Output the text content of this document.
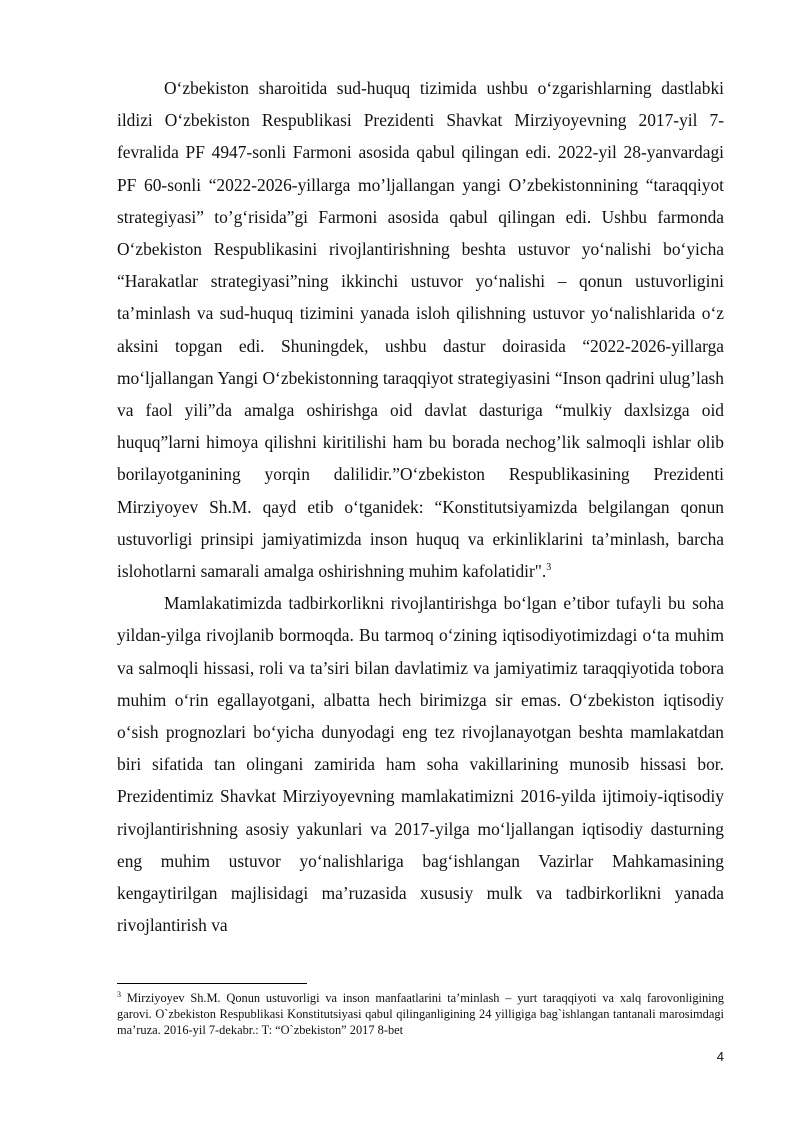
O‘zbekiston sharoitida sud-huquq tizimida ushbu o‘zgarishlarning dastlabki ildizi O‘zbekiston Respublikasi Prezidenti Shavkat Mirziyoyevning 2017-yil 7-fevralida PF 4947-sonli Farmoni asosida qabul qilingan edi. 2022-yil 28-yanvardagi PF 60-sonli “2022-2026-yillarga mo’ljallangan yangi O’zbekistonnining “taraqqiyot strategiyasi” to’g‘risida”gi Farmoni asosida qabul qilingan edi. Ushbu farmonda O‘zbekiston Respublikasini rivojlantirishning beshta ustuvor yo‘nalishi bo‘yicha “Harakatlar strategiyasi”ning ikkinchi ustuvor yo‘nalishi – qonun ustuvorligini ta’minlash va sud-huquq tizimini yanada isloh qilishning ustuvor yo‘nalishlarida o‘z aksini topgan edi. Shuningdek, ushbu dastur doirasida “2022-2026-yillarga mo‘ljallangan Yangi O‘zbekistonning taraqqiyot strategiyasini “Inson qadrini ulug’lash va faol yili”da amalga oshirishga oid davlat dasturiga “mulkiy daxlsizga oid huquq”larni himoya qilishni kiritilishi ham bu borada nechog’lik salmoqli ishlar olib borilayotganining yorqin dalilidir.”O‘zbekiston Respublikasining Prezidenti Mirziyoyev Sh.M. qayd etib o‘tganidek: “Konstitutsiyamizda belgilangan qonun ustuvorligi prinsipi jamiyatimizda inson huquq va erkinliklarini ta’minlash, barcha islohotlarni samarali amalga oshirishning muhim kafolatidir".$^3$

Mamlakatimizda tadbirkorlikni rivojlantirishga bo‘lgan e’tibor tufayli bu soha yildan-yilga rivojlanib bormoqda. Bu tarmoq o‘zining iqtisodiyotimizdagi o‘ta muhim va salmoqli hissasi, roli va ta’siri bilan davlatimiz va jamiyatimiz taraqqiyotida tobora muhim o‘rin egallayotgani, albatta hech birimizga sir emas. O‘zbekiston iqtisodiy o‘sish prognozlari bo‘yicha dunyodagi eng tez rivojlanayotgan beshta mamlakatdan biri sifatida tan olingani zamirida ham soha vakillarining munosib hissasi bor. Prezidentimiz Shavkat Mirziyoyevning mamlakatimizni 2016-yilda ijtimoiy-iqtisodiy rivojlantirishning asosiy yakunlari va 2017-yilga mo‘ljallangan iqtisodiy dasturning eng muhim ustuvor yo‘nalishlariga bag‘ishlangan Vazirlar Mahkamasining kengaytirilgan majlisidagi ma’ruzasida xususiy mulk va tadbirkorlikni yanada rivojlantirish va

$^3$ Mirziyoyev Sh.M. Qonun ustuvorligi va inson manfaatlarini ta’minlash – yurt taraqqiyoti va xalq farovonligining garovi. O`zbekiston Respublikasi Konstitutsiyasi qabul qilinganligining 24 yilligiga bag`ishlangan tantanali marosimdagi ma’ruza. 2016-yil 7-dekabr.: T: “O`zbekiston” 2017 8-bet
4
